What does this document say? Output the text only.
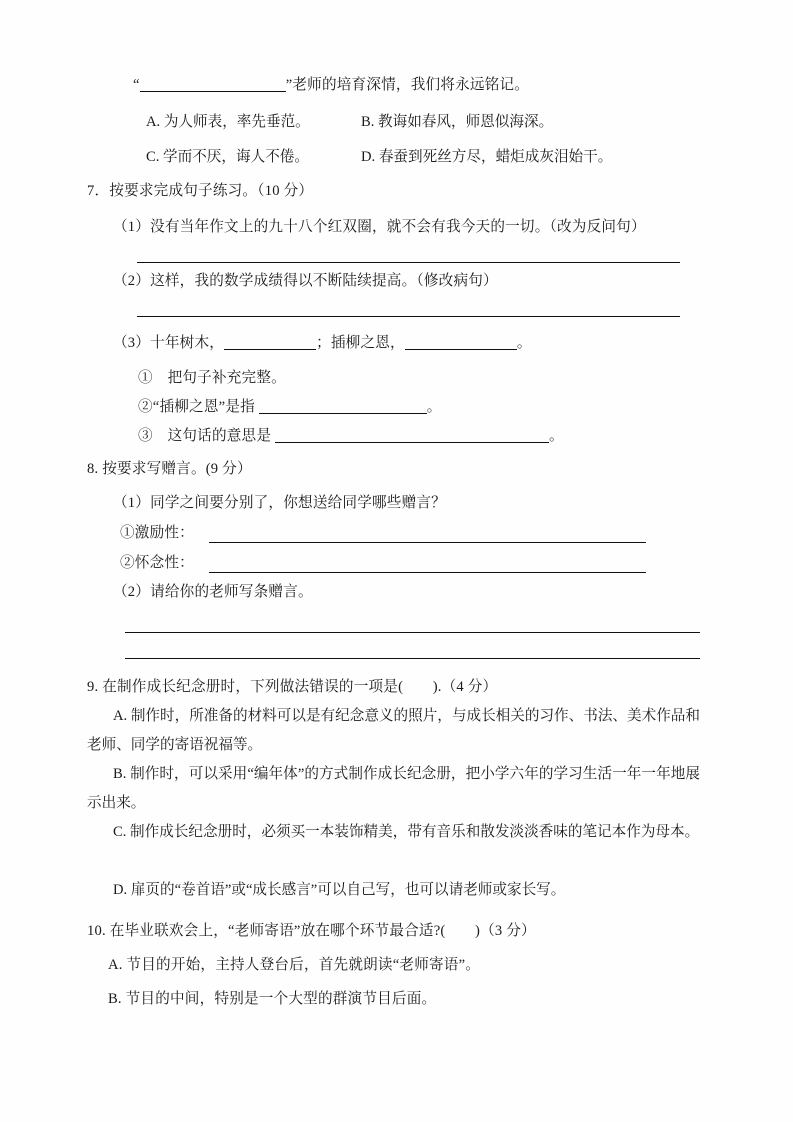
“	”老师的培育深情，我们将永远铭记。
A. 为人师表，率先垂范。	B. 教诲如春风，师恩似海深。
C. 学而不厌，诲人不倦。	D. 春蚕到死丝方尽，蜡炬成灰泪始干。
7．按要求完成句子练习。（10 分）
（1）没有当年作文上的九十八个红双圈，就不会有我今天的一切。（改为反问句）
（2）这样，我的数学成绩得以不断陆续提高。（修改病句）
（3）十年树木，	；插柳之恩，	。
①　把句子补充完整。
②“插柳之恩”是指	。
③　这句话的意思是	。
8. 按要求写赠言。(9 分）
（1）同学之间要分别了，你想送给同学哪些赠言？
①激励性：
②怀念性：
（2）请给你的老师写条赠言。
9. 在制作成长纪念册时，下列做法错误的一项是(　　).（4 分）
A. 制作时，所准备的材料可以是有纪念意义的照片，与成长相关的习作、书法、美术作品和老师、同学的寄语祝福等。
B. 制作时，可以采用“编年体”的方式制作成长纪念册，把小学六年的学习生活一年一年地展示出来。
C. 制作成长纪念册时，必须买一本装饰精美，带有音乐和散发淡淡香味的笔记本作为母本。
D. 扉页的“卷首语”或“成长感言”可以自己写，也可以请老师或家长写。
10. 在毕业联欢会上，“老师寄语”放在哪个环节最合适?(　　)（3 分）
A. 节目的开始，主持人登台后，首先就朗读“老师寄语”。
B. 节目的中间，特别是一个大型的群演节目后面。
